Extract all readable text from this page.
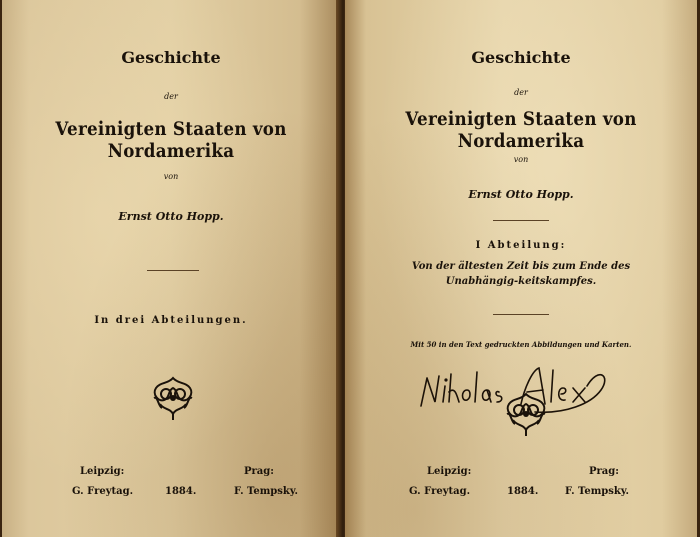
Geschichte
der
Vereinigten Staaten von Nordamerika
von
Ernst Otto Hopp.
In drei Abteilungen.
Leipzig:
G. Freytag.	1884.
Prag:
F. Tempsky.
Geschichte
der
Vereinigten Staaten von Nordamerika
von
Ernst Otto Hopp.
I Abteilung:
Von der ältesten Zeit bis zum Ende des Unabhängig-keitskampfes.
Mit 50 in den Text gedruckten Abbildungen und Karten.
Leipzig:
G. Freytag.	1884.
Prag:
F. Tempsky.
